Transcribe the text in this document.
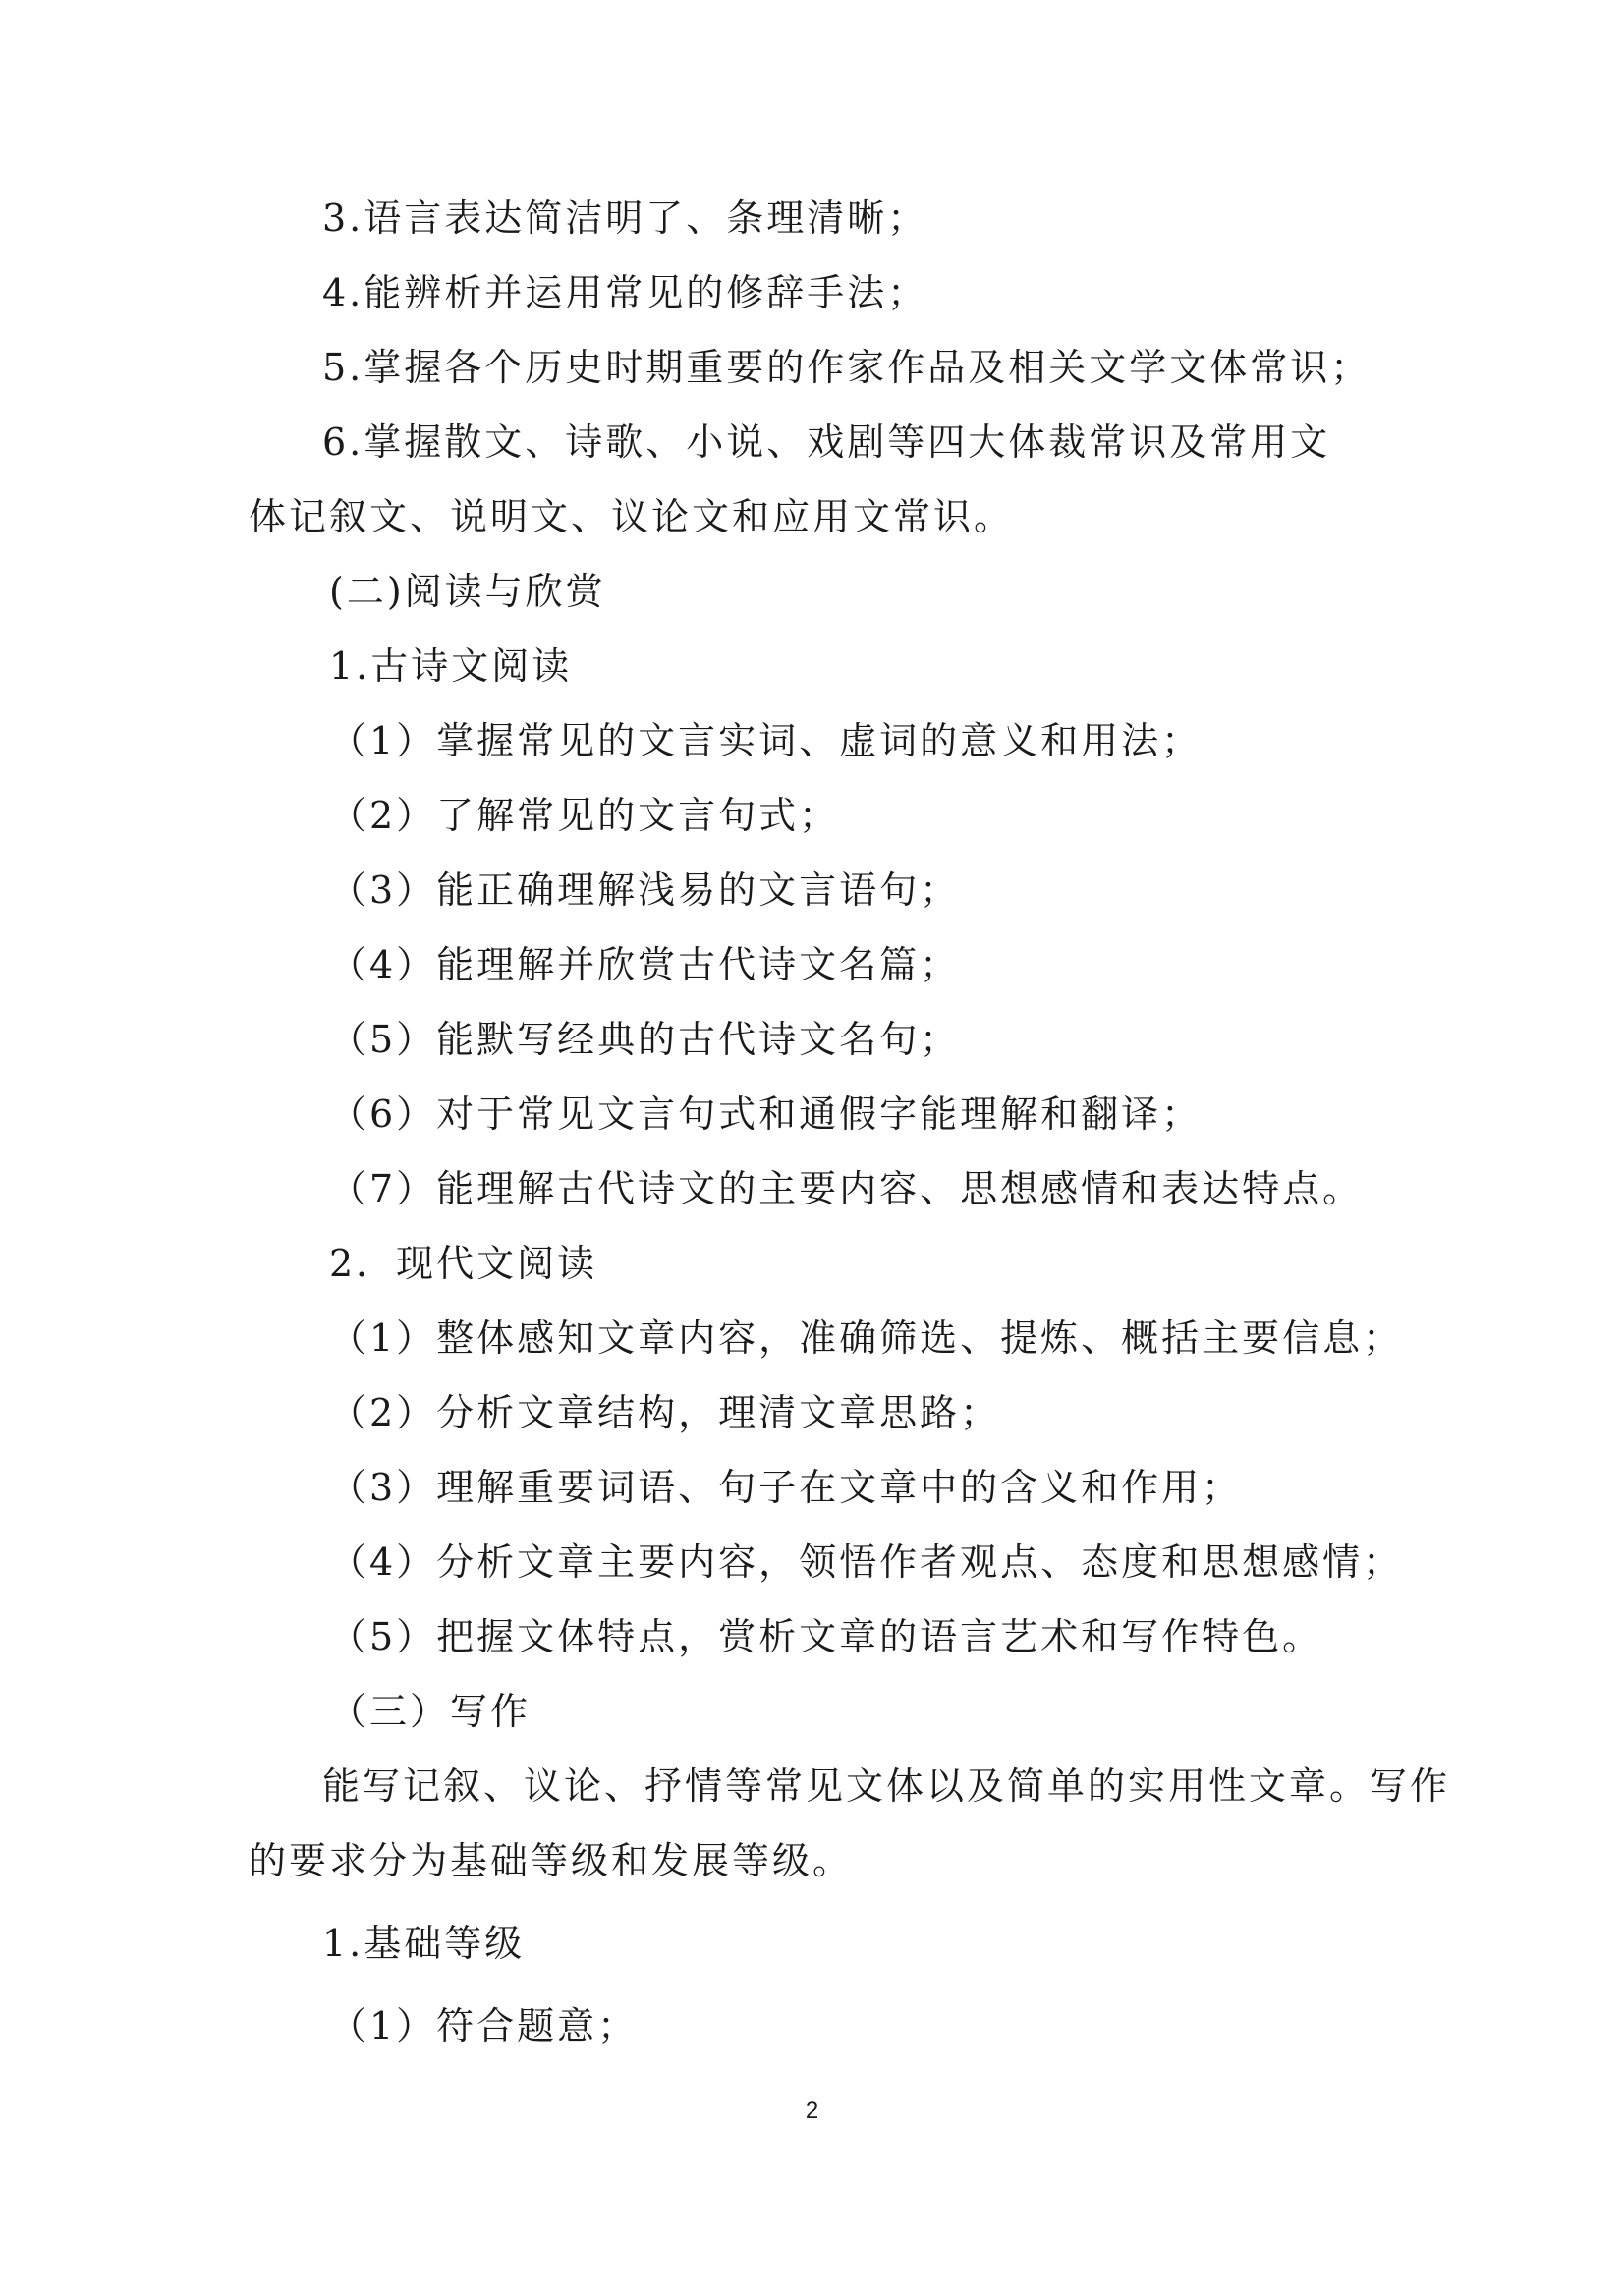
3.语言表达简洁明了、条理清晰；
4.能辨析并运用常见的修辞手法；
5.掌握各个历史时期重要的作家作品及相关文学文体常识；
6.掌握散文、诗歌、小说、戏剧等四大体裁常识及常用文
体记叙文、说明文、议论文和应用文常识。
(二)阅读与欣赏
1.古诗文阅读
（1）掌握常见的文言实词、虚词的意义和用法；
（2）了解常见的文言句式；
（3）能正确理解浅易的文言语句；
（4）能理解并欣赏古代诗文名篇；
（5）能默写经典的古代诗文名句；
（6）对于常见文言句式和通假字能理解和翻译；
（7）能理解古代诗文的主要内容、思想感情和表达特点。
2．现代文阅读
（1）整体感知文章内容，准确筛选、提炼、概括主要信息；
（2）分析文章结构，理清文章思路；
（3）理解重要词语、句子在文章中的含义和作用；
（4）分析文章主要内容，领悟作者观点、态度和思想感情；
（5）把握文体特点，赏析文章的语言艺术和写作特色。
（三）写作
能写记叙、议论、抒情等常见文体以及简单的实用性文章。写作
的要求分为基础等级和发展等级。
1.基础等级
（1）符合题意；
2
